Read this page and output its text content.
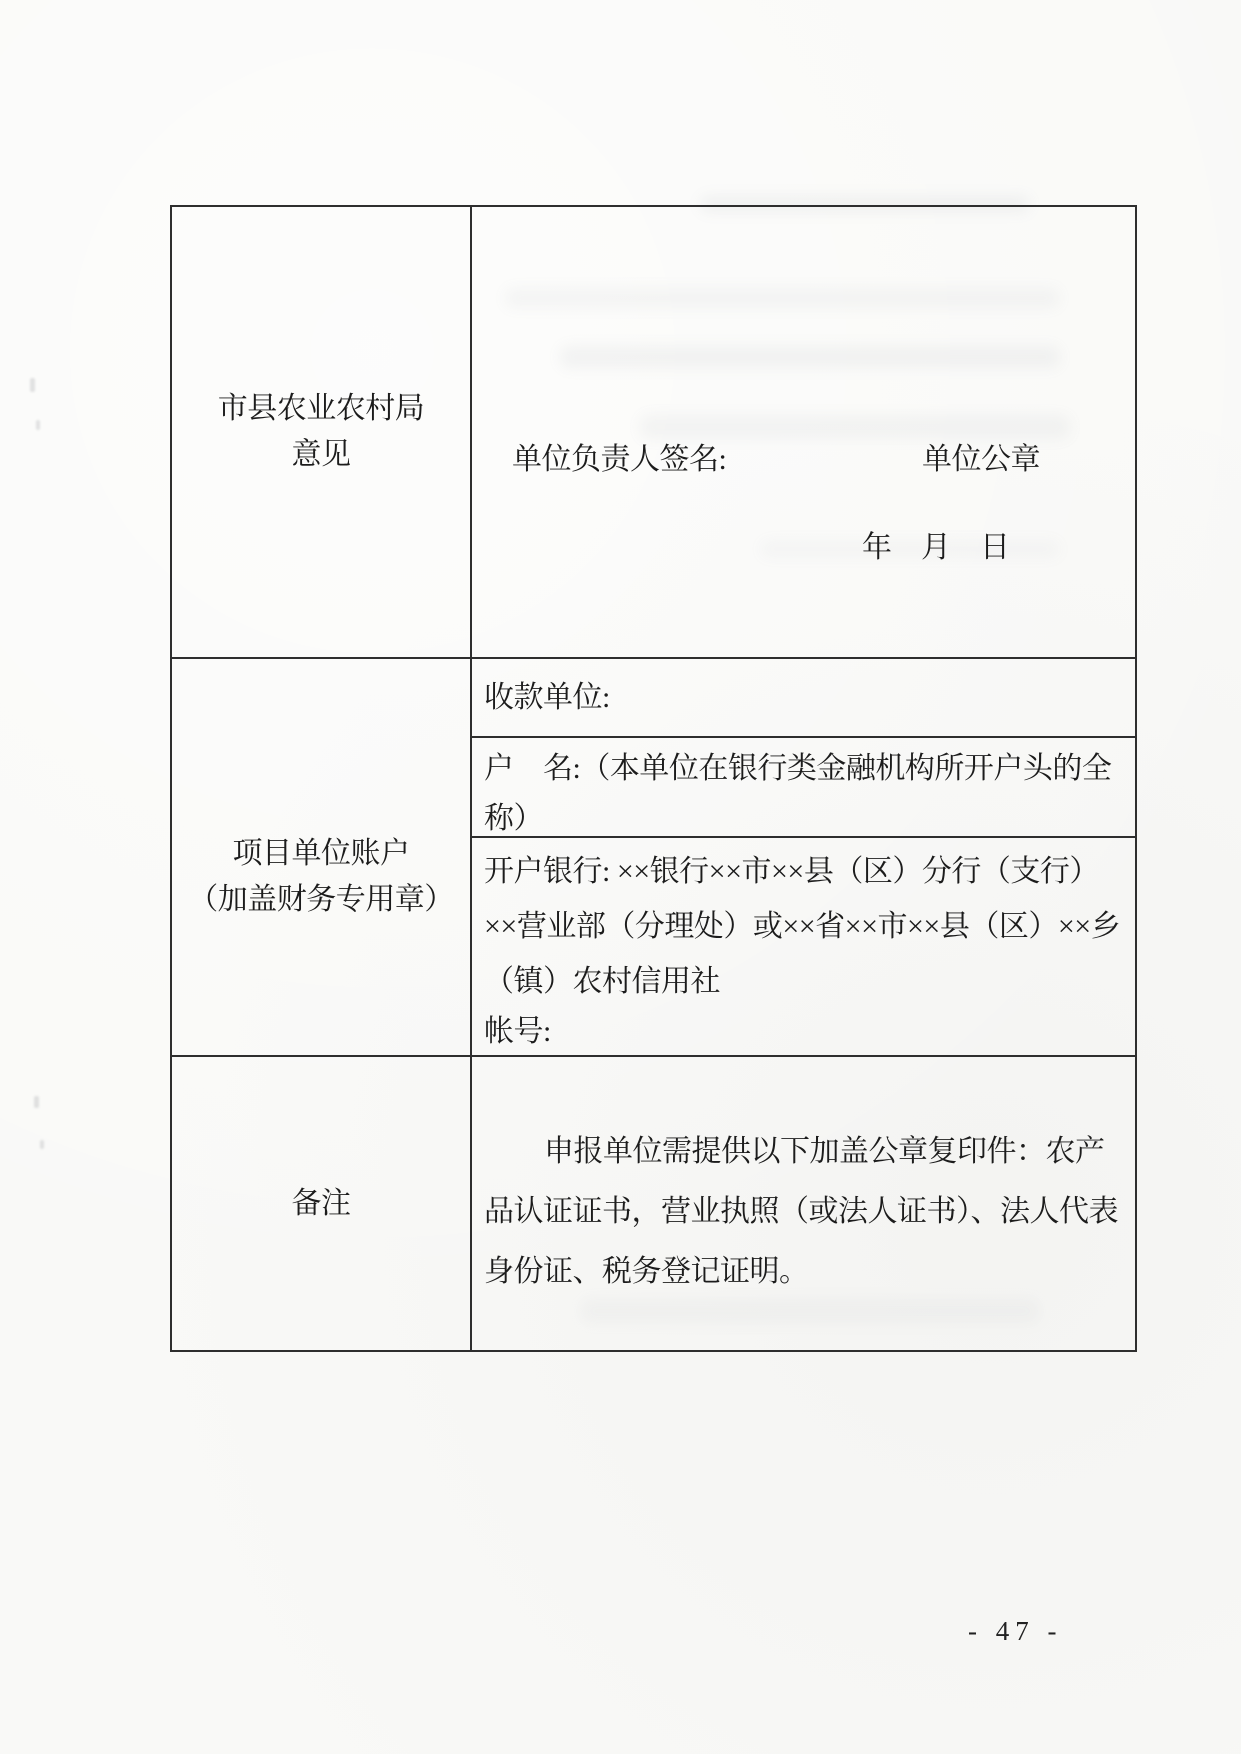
市县农业农村局
意见	单位负责人签名:	单位公章
年　月　日
项目单位账户
（加盖财务专用章）
收款单位:
户　名:（本单位在银行类金融机构所开户头的全称）
开户银行: ××银行××市××县（区）分行（支行）××营业部（分理处）或××省××市××县（区）××乡（镇）农村信用社
帐号:
备注

申报单位需提供以下加盖公章复印件：农产品认证证书，营业执照（或法人证书）、法人代表身份证、税务登记证明。

- 47 -
